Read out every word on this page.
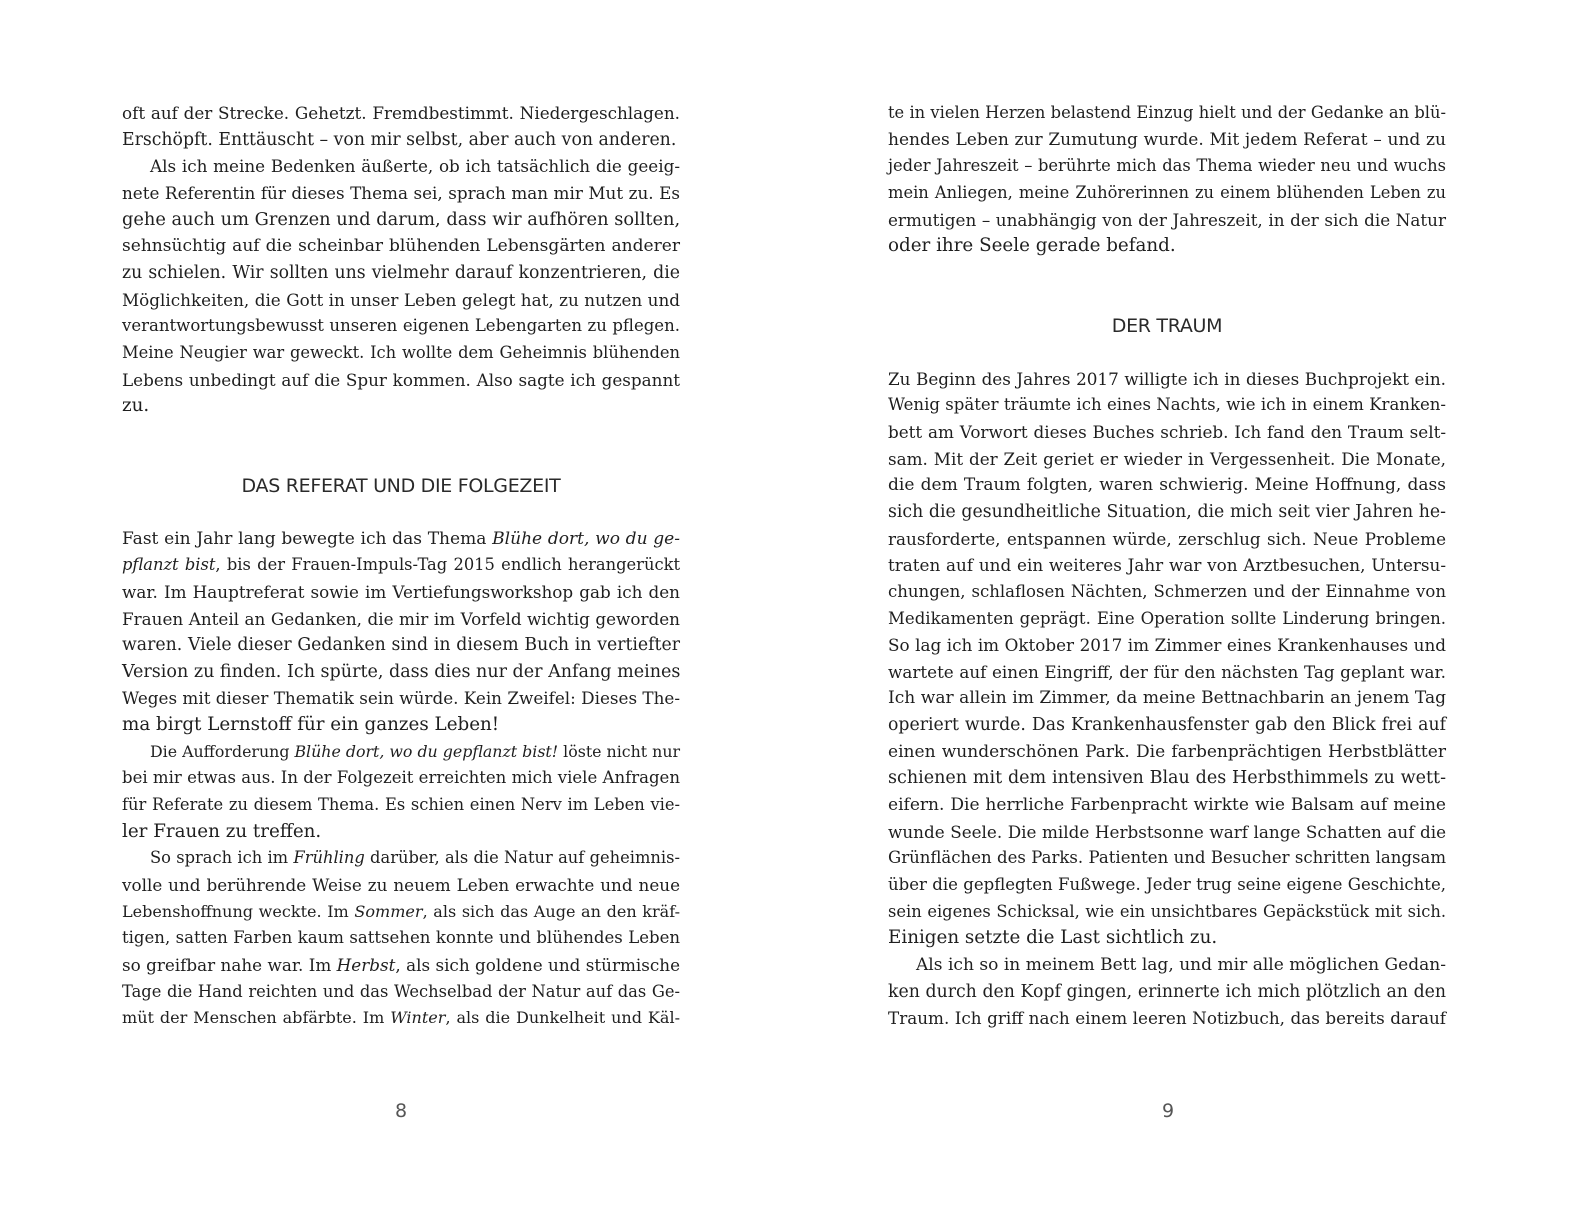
oft auf der Strecke. Gehetzt. Fremdbestimmt. Niedergeschlagen.
Erschöpft. Enttäuscht – von mir selbst, aber auch von anderen.
Als ich meine Bedenken äußerte, ob ich tatsächlich die geeig-
nete Referentin für dieses Thema sei, sprach man mir Mut zu. Es
gehe auch um Grenzen und darum, dass wir aufhören sollten,
sehnsüchtig auf die scheinbar blühenden Lebensgärten anderer
zu schielen. Wir sollten uns vielmehr darauf konzentrieren, die
Möglichkeiten, die Gott in unser Leben gelegt hat, zu nutzen und
verantwortungsbewusst unseren eigenen Lebengarten zu pflegen.
Meine Neugier war geweckt. Ich wollte dem Geheimnis blühenden
Lebens unbedingt auf die Spur kommen. Also sagte ich gespannt
zu.
DAS REFERAT UND DIE FOLGEZEIT
Fast ein Jahr lang bewegte ich das Thema Blühe dort, wo du ge-
pflanzt bist, bis der Frauen-Impuls-Tag 2015 endlich herangerückt
war. Im Hauptreferat sowie im Vertiefungsworkshop gab ich den
Frauen Anteil an Gedanken, die mir im Vorfeld wichtig geworden
waren. Viele dieser Gedanken sind in diesem Buch in vertiefter
Version zu finden. Ich spürte, dass dies nur der Anfang meines
Weges mit dieser Thematik sein würde. Kein Zweifel: Dieses The-
ma birgt Lernstoff für ein ganzes Leben!
Die Aufforderung Blühe dort, wo du gepflanzt bist! löste nicht nur
bei mir etwas aus. In der Folgezeit erreichten mich viele Anfragen
für Referate zu diesem Thema. Es schien einen Nerv im Leben vie-
ler Frauen zu treffen.
So sprach ich im Frühling darüber, als die Natur auf geheimnis-
volle und berührende Weise zu neuem Leben erwachte und neue
Lebenshoffnung weckte. Im Sommer, als sich das Auge an den kräf-
tigen, satten Farben kaum sattsehen konnte und blühendes Leben
so greifbar nahe war. Im Herbst, als sich goldene und stürmische
Tage die Hand reichten und das Wechselbad der Natur auf das Ge-
müt der Menschen abfärbte. Im Winter, als die Dunkelheit und Käl-
te in vielen Herzen belastend Einzug hielt und der Gedanke an blü-
hendes Leben zur Zumutung wurde. Mit jedem Referat – und zu
jeder Jahreszeit – berührte mich das Thema wieder neu und wuchs
mein Anliegen, meine Zuhörerinnen zu einem blühenden Leben zu
ermutigen – unabhängig von der Jahreszeit, in der sich die Natur
oder ihre Seele gerade befand.
DER TRAUM
Zu Beginn des Jahres 2017 willigte ich in dieses Buchprojekt ein.
Wenig später träumte ich eines Nachts, wie ich in einem Kranken-
bett am Vorwort dieses Buches schrieb. Ich fand den Traum selt-
sam. Mit der Zeit geriet er wieder in Vergessenheit. Die Monate,
die dem Traum folgten, waren schwierig. Meine Hoffnung, dass
sich die gesundheitliche Situation, die mich seit vier Jahren he-
rausforderte, entspannen würde, zerschlug sich. Neue Probleme
traten auf und ein weiteres Jahr war von Arztbesuchen, Untersu-
chungen, schlaflosen Nächten, Schmerzen und der Einnahme von
Medikamenten geprägt. Eine Operation sollte Linderung bringen.
So lag ich im Oktober 2017 im Zimmer eines Krankenhauses und
wartete auf einen Eingriff, der für den nächsten Tag geplant war.
Ich war allein im Zimmer, da meine Bettnachbarin an jenem Tag
operiert wurde. Das Krankenhausfenster gab den Blick frei auf
einen wunderschönen Park. Die farbenprächtigen Herbstblätter
schienen mit dem intensiven Blau des Herbsthimmels zu wett-
eifern. Die herrliche Farbenpracht wirkte wie Balsam auf meine
wunde Seele. Die milde Herbstsonne warf lange Schatten auf die
Grünflächen des Parks. Patienten und Besucher schritten langsam
über die gepflegten Fußwege. Jeder trug seine eigene Geschichte,
sein eigenes Schicksal, wie ein unsichtbares Gepäckstück mit sich.
Einigen setzte die Last sichtlich zu.
Als ich so in meinem Bett lag, und mir alle möglichen Gedan-
ken durch den Kopf gingen, erinnerte ich mich plötzlich an den
Traum. Ich griff nach einem leeren Notizbuch, das bereits darauf
8	9
